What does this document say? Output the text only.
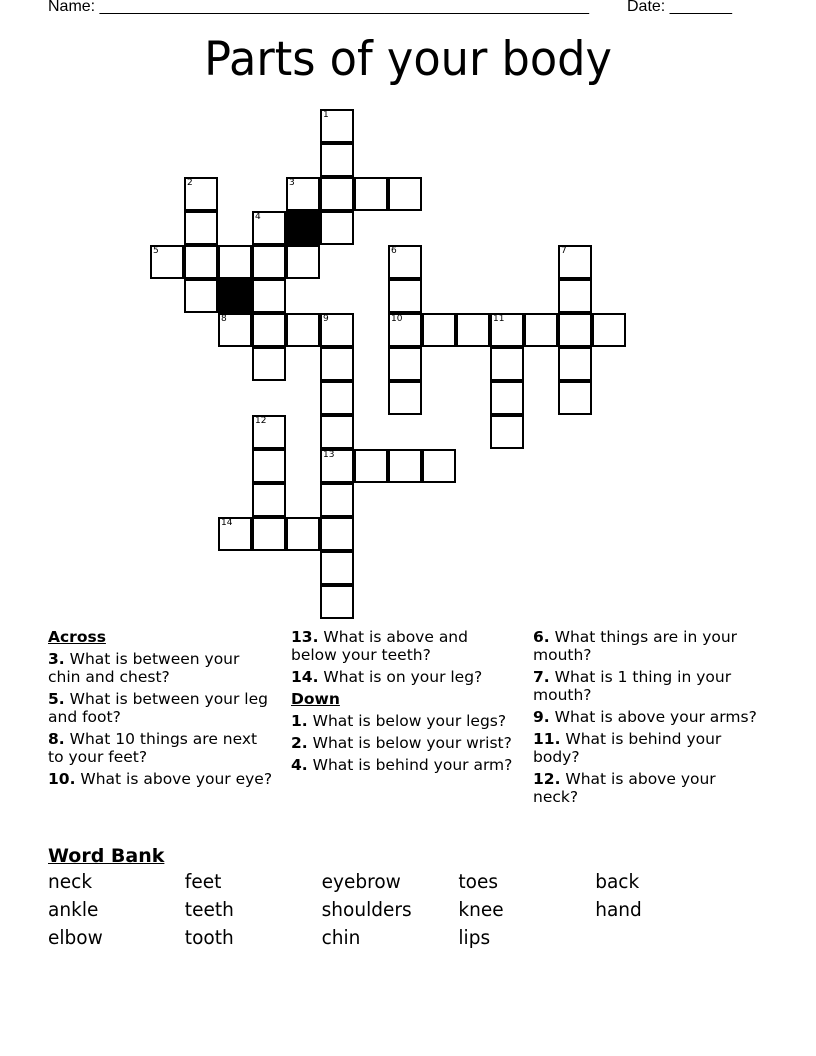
Name: _______________________________________________________ Date: _______
Parts of your body
1
2	3
4
5	6	7
8	9	10	11
12
13
14
Across
3. What is between your chin and chest?
5. What is between your leg and foot?
8. What 10 things are next to your feet?
10. What is above your eye?
13. What is above and below your teeth?
14. What is on your leg?
Down
1. What is below your legs?
2. What is below your wrist?
4. What is behind your arm?
6. What things are in your mouth?
7. What is 1 thing in your mouth?
9. What is above your arms?
11. What is behind your body?
12. What is above your neck?
Word Bank
neck	feet	eyebrow	toes	back
ankle	teeth	shoulders	knee	hand
elbow	tooth	chin	lips
